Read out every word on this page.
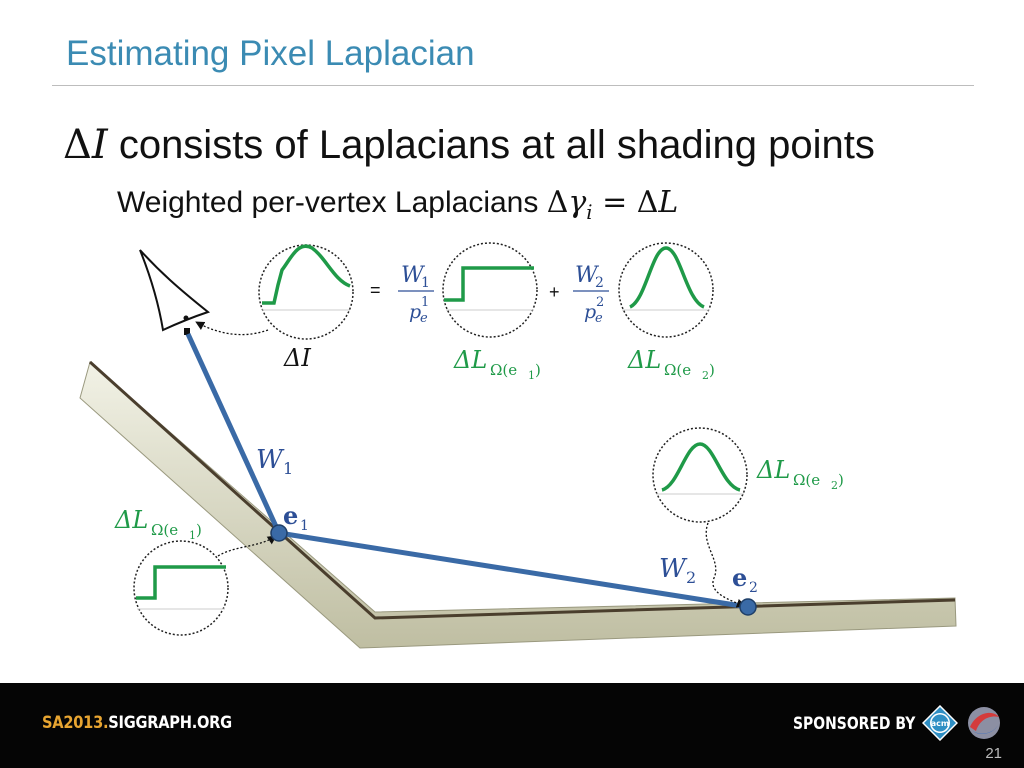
Estimating Pixel Laplacian
ΔI consists of Laplacians at all shading points
Weighted per-vertex Laplacians $\Delta\gamma_i = \Delta L$
=	+
W
1
p
e
1
W
2
p
e
2
ΔI	ΔL Ω(e 1 )	ΔL Ω(e 2 )
ΔL Ω(e 2 )
ΔL Ω(e 1 )
W 1
W 2
e 1
e 2
SA2013.SIGGRAPH.ORG	SPONSORED BY acm
21
